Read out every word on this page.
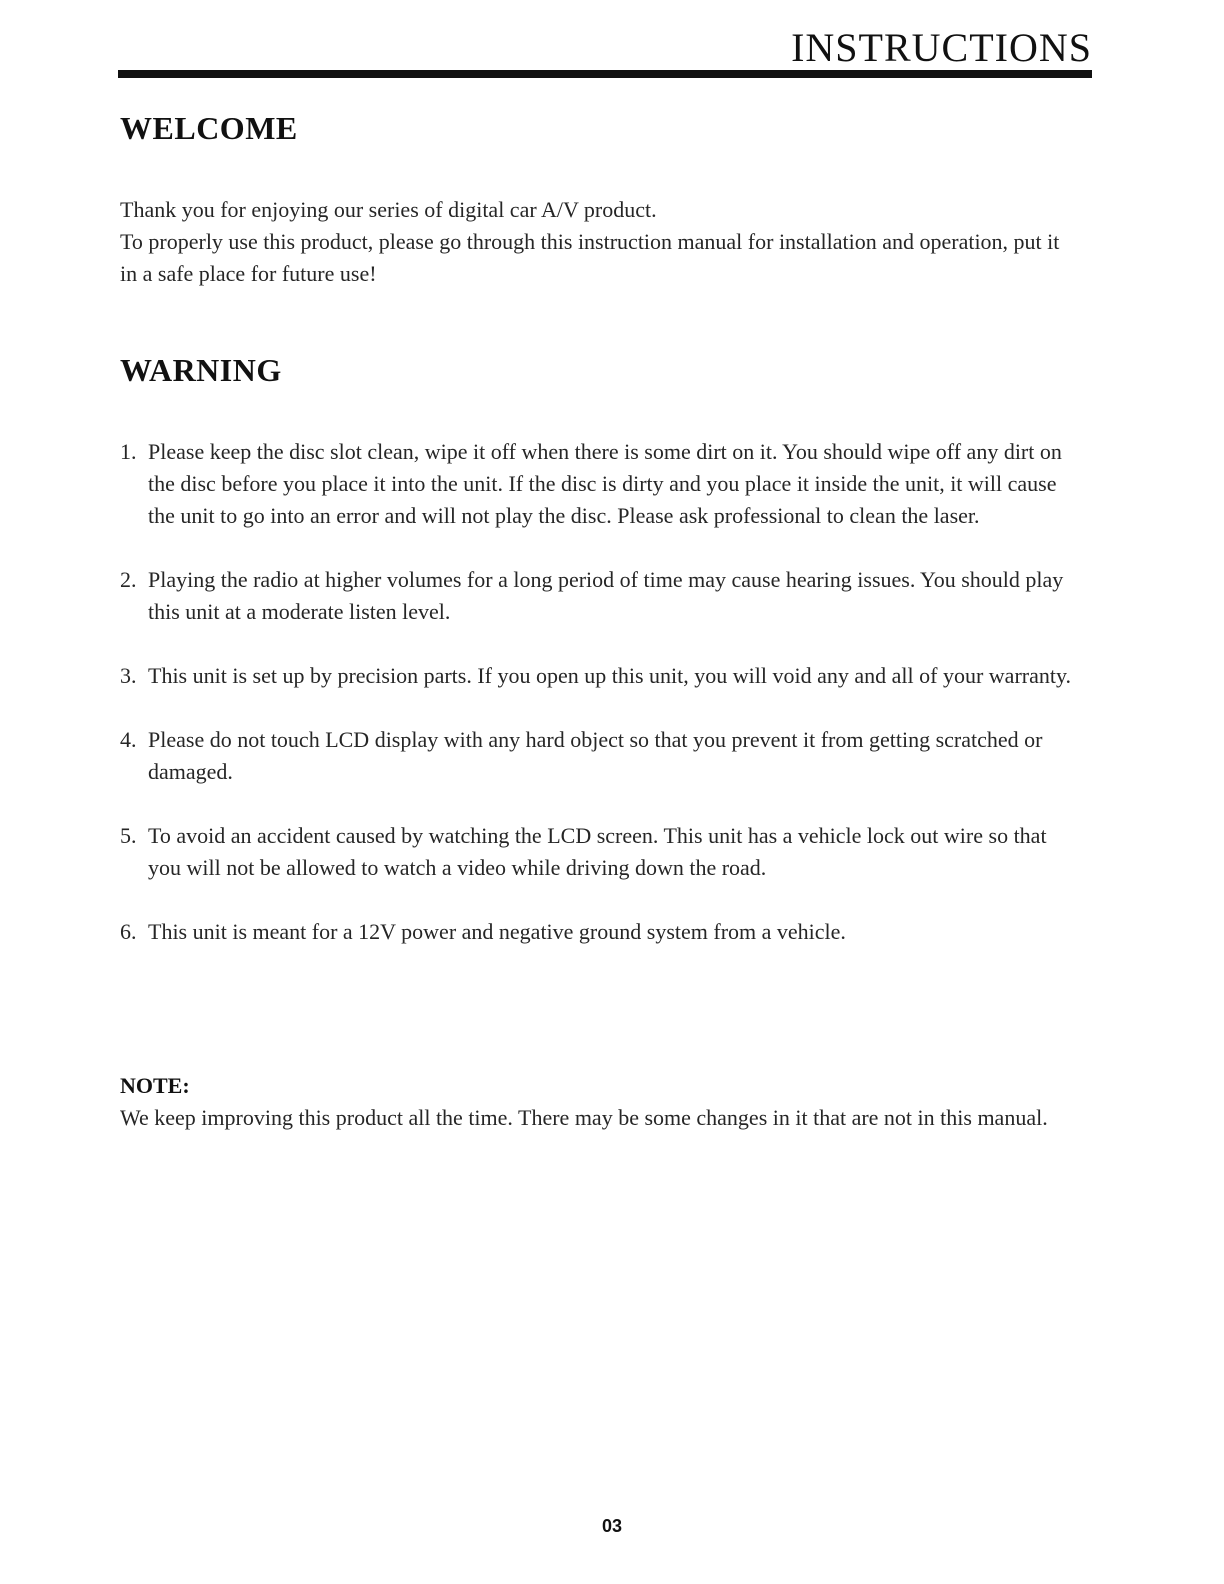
INSTRUCTIONS
WELCOME

Thank you for enjoying our series of digital car A/V product.

To properly use this product, please go through this instruction manual for installation and operation, put it in a safe place for future use!

WARNING
1. Please keep the disc slot clean, wipe it off when there is some dirt on it. You should wipe off any dirt on the disc before you place it into the unit. If the disc is dirty and you place it inside the unit, it will cause the unit to go into an error and will not play the disc. Please ask professional to clean the laser.
2. Playing the radio at higher volumes for a long period of time may cause hearing issues. You should play this unit at a moderate listen level.
3. This unit is set up by precision parts. If you open up this unit, you will void any and all of your warranty.
4. Please do not touch LCD display with any hard object so that you prevent it from getting scratched or damaged.
5. To avoid an accident caused by watching the LCD screen. This unit has a vehicle lock out wire so that you will not be allowed to watch a video while driving down the road.
6. This unit is meant for a 12V power and negative ground system from a vehicle.
NOTE:

We keep improving this product all the time. There may be some changes in it that are not in this manual.

03
